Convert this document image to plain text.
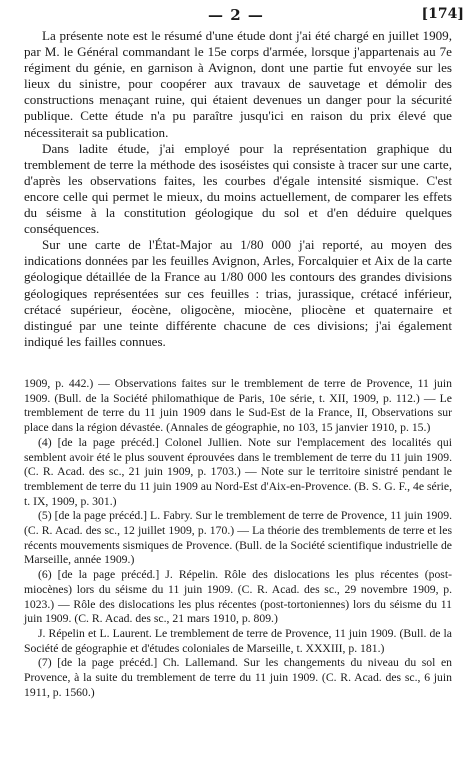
— 2 —	[174]

La présente note est le résumé d'une étude dont j'ai été chargé en juillet 1909, par M. le Général commandant le 15e corps d'armée, lorsque j'appartenais au 7e régiment du génie, en garnison à Avignon, dont une partie fut envoyée sur les lieux du sinistre, pour coopérer aux travaux de sauvetage et démolir des constructions menaçant ruine, qui étaient devenues un danger pour la sécurité publique. Cette étude n'a pu paraître jusqu'ici en raison du prix élevé que nécessiterait sa publication.

Dans ladite étude, j'ai employé pour la représentation graphique du tremblement de terre la méthode des isoséistes qui consiste à tracer sur une carte, d'après les observations faites, les courbes d'égale intensité sismique. C'est encore celle qui permet le mieux, du moins actuellement, de comparer les effets du séisme à la constitution géologique du sol et d'en déduire quelques conséquences.

Sur une carte de l'État-Major au 1/80 000 j'ai reporté, au moyen des indications données par les feuilles Avignon, Arles, Forcalquier et Aix de la carte géologique détaillée de la France au 1/80 000 les contours des grandes divisions géologiques représentées sur ces feuilles : trias, jurassique, crétacé inférieur, crétacé supérieur, éocène, oligocène, miocène, pliocène et quaternaire et distingué par une teinte différente chacune de ces divisions; j'ai également indiqué les failles connues.

1909, p. 442.) — Observations faites sur le tremblement de terre de Provence, 11 juin 1909. (Bull. de la Société philomathique de Paris, 10e série, t. XII, 1909, p. 112.) — Le tremblement de terre du 11 juin 1909 dans le Sud-Est de la France, II, Observations sur place dans la région dévastée. (Annales de géographie, no 103, 15 janvier 1910, p. 15.)

(4) [de la page précéd.] Colonel Jullien. Note sur l'emplacement des localités qui semblent avoir été le plus souvent éprouvées dans le tremblement de terre du 11 juin 1909. (C. R. Acad. des sc., 21 juin 1909, p. 1703.) — Note sur le territoire sinistré pendant le tremblement de terre du 11 juin 1909 au Nord-Est d'Aix-en-Provence. (B. S. G. F., 4e série, t. IX, 1909, p. 301.)

(5) [de la page précéd.] L. Fabry. Sur le tremblement de terre de Provence, 11 juin 1909. (C. R. Acad. des sc., 12 juillet 1909, p. 170.) — La théorie des tremblements de terre et les récents mouvements sismiques de Provence. (Bull. de la Société scientifique industrielle de Marseille, année 1909.)

(6) [de la page précéd.] J. Répelin. Rôle des dislocations les plus récentes (post-miocènes) lors du séisme du 11 juin 1909. (C. R. Acad. des sc., 29 novembre 1909, p. 1023.) — Rôle des dislocations les plus récentes (post-tortoniennes) lors du séisme du 11 juin 1909. (C. R. Acad. des sc., 21 mars 1910, p. 809.)

J. Répelin et L. Laurent. Le tremblement de terre de Provence, 11 juin 1909. (Bull. de la Société de géographie et d'études coloniales de Marseille, t. XXXIII, p. 181.)

(7) [de la page précéd.] Ch. Lallemand. Sur les changements du niveau du sol en Provence, à la suite du tremblement de terre du 11 juin 1909. (C. R. Acad. des sc., 6 juin 1911, p. 1560.)
